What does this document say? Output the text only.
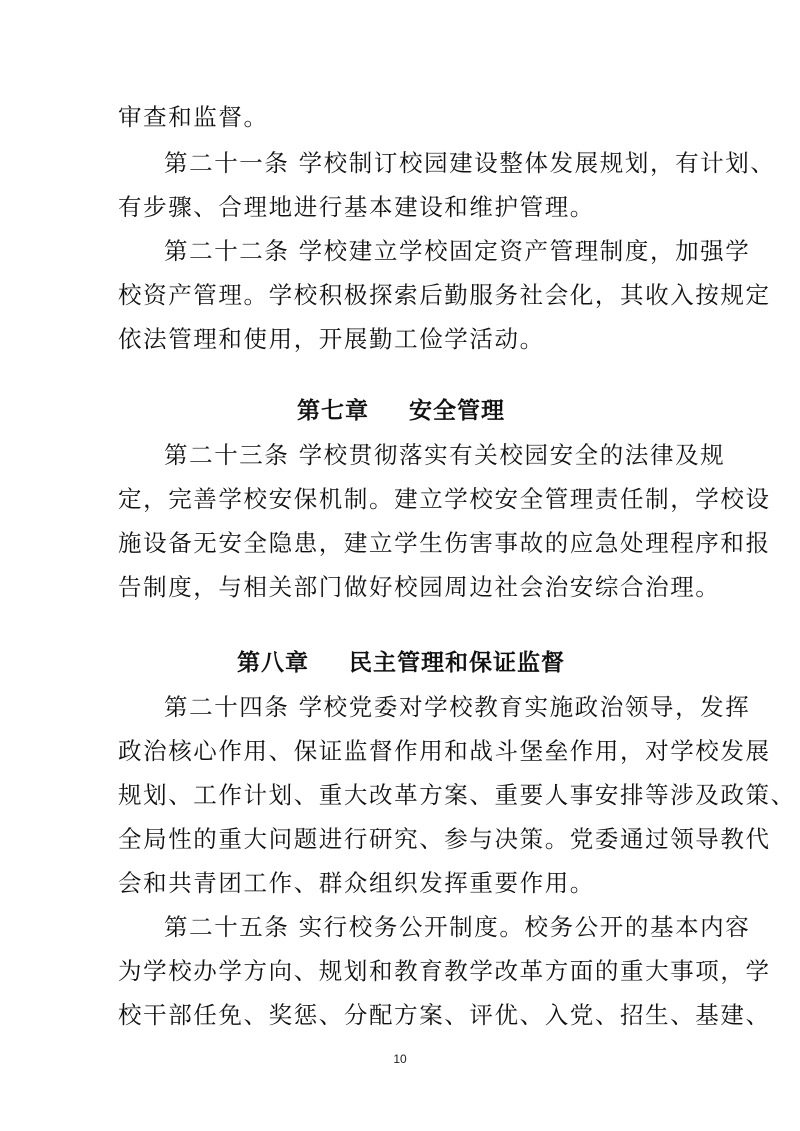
审查和监督。
第二十一条 学校制订校园建设整体发展规划，有计划、
有步骤、合理地进行基本建设和维护管理。
第二十二条 学校建立学校固定资产管理制度，加强学
校资产管理。学校积极探索后勤服务社会化，其收入按规定
依法管理和使用，开展勤工俭学活动。
第七章 安全管理
第二十三条 学校贯彻落实有关校园安全的法律及规
定，完善学校安保机制。建立学校安全管理责任制，学校设
施设备无安全隐患，建立学生伤害事故的应急处理程序和报
告制度，与相关部门做好校园周边社会治安综合治理。
第八章 民主管理和保证监督
第二十四条 学校党委对学校教育实施政治领导，发挥
政治核心作用、保证监督作用和战斗堡垒作用，对学校发展
规划、工作计划、重大改革方案、重要人事安排等涉及政策、
全局性的重大问题进行研究、参与决策。党委通过领导教代
会和共青团工作、群众组织发挥重要作用。
第二十五条 实行校务公开制度。校务公开的基本内容
为学校办学方向、规划和教育教学改革方面的重大事项，学
校干部任免、奖惩、分配方案、评优、入党、招生、基建、
10
